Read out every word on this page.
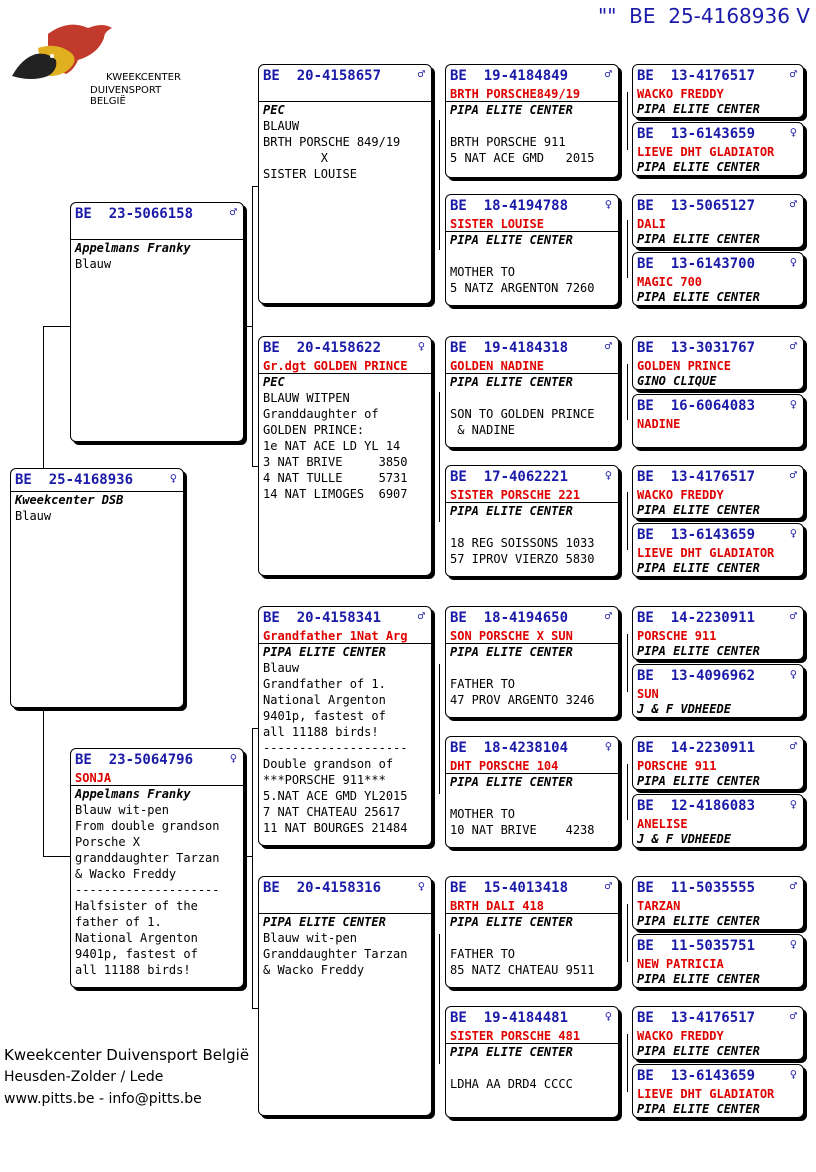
"" BE  25-4168936 V
KWEEKCENTER
DUIVENSPORT BELGIË
BE  25-4168936	♀
Kweekcenter DSB
Blauw
BE  23-5066158	♂
Appelmans Franky
Blauw
BE  23-5064796	♀
SONJA
Appelmans Franky
Blauw wit-pen
From double grandson
Porsche X
granddaughter Tarzan
& Wacko Freddy
--------------------
Halfsister of the
father of 1.
National Argenton
9401p, fastest of
all 11188 birds!
BE  20-4158657	♂
PEC
BLAUW
BRTH PORSCHE 849/19
X
SISTER LOUISE
BE  20-4158622	♀
Gr.dgt GOLDEN PRINCE
PEC
BLAUW WITPEN
Granddaughter of
GOLDEN PRINCE:
1e NAT ACE LD YL 14
3 NAT BRIVE     3850
4 NAT TULLE     5731
14 NAT LIMOGES  6907
BE  20-4158341	♂
Grandfather 1Nat Arg
PIPA ELITE CENTER
Blauw
Grandfather of 1.
National Argenton
9401p, fastest of
all 11188 birds!
--------------------
Double grandson of
***PORSCHE 911***
5.NAT ACE GMD YL2015
7 NAT CHATEAU 25617
11 NAT BOURGES 21484
BE  20-4158316	♀
PIPA ELITE CENTER
Blauw wit-pen
Granddaughter Tarzan
& Wacko Freddy
BE  19-4184849	♂
BRTH PORSCHE849/19
PIPA ELITE CENTER

BRTH PORSCHE 911
5 NAT ACE GMD   2015
BE  18-4194788	♀
SISTER LOUISE
PIPA ELITE CENTER

MOTHER TO
5 NATZ ARGENTON 7260
BE  19-4184318	♂
GOLDEN NADINE
PIPA ELITE CENTER

SON TO GOLDEN PRINCE
& NADINE
BE  17-4062221	♀
SISTER PORSCHE 221
PIPA ELITE CENTER

18 REG SOISSONS 1033
57 IPROV VIERZO 5830
BE  18-4194650	♂
SON PORSCHE X SUN
PIPA ELITE CENTER

FATHER TO
47 PROV ARGENTO 3246
BE  18-4238104	♀
DHT PORSCHE 104
PIPA ELITE CENTER

MOTHER TO
10 NAT BRIVE    4238
BE  15-4013418	♂
BRTH DALI 418
PIPA ELITE CENTER

FATHER TO
85 NATZ CHATEAU 9511
BE  19-4184481	♀
SISTER PORSCHE 481
PIPA ELITE CENTER

LDHA AA DRD4 CCCC
BE  13-4176517	♂
WACKO FREDDY
PIPA ELITE CENTER
BE  13-6143659	♀
LIEVE DHT GLADIATOR
PIPA ELITE CENTER
BE  13-5065127	♂
DALI
PIPA ELITE CENTER
BE  13-6143700	♀
MAGIC 700
PIPA ELITE CENTER
BE  13-3031767	♂
GOLDEN PRINCE
GINO CLIQUE
BE  16-6064083	♀
NADINE
BE  13-4176517	♂
WACKO FREDDY
PIPA ELITE CENTER
BE  13-6143659	♀
LIEVE DHT GLADIATOR
PIPA ELITE CENTER
BE  14-2230911	♂
PORSCHE 911
PIPA ELITE CENTER
BE  13-4096962	♀
SUN
J & F VDHEEDE
BE  14-2230911	♂
PORSCHE 911
PIPA ELITE CENTER
BE  12-4186083	♀
ANELISE
J & F VDHEEDE
BE  11-5035555	♂
TARZAN
PIPA ELITE CENTER
BE  11-5035751	♀
NEW PATRICIA
PIPA ELITE CENTER
BE  13-4176517	♂
WACKO FREDDY
PIPA ELITE CENTER
BE  13-6143659	♀
LIEVE DHT GLADIATOR
PIPA ELITE CENTER
Kweekcenter Duivensport België
Heusden-Zolder / Lede
www.pitts.be - info@pitts.be
